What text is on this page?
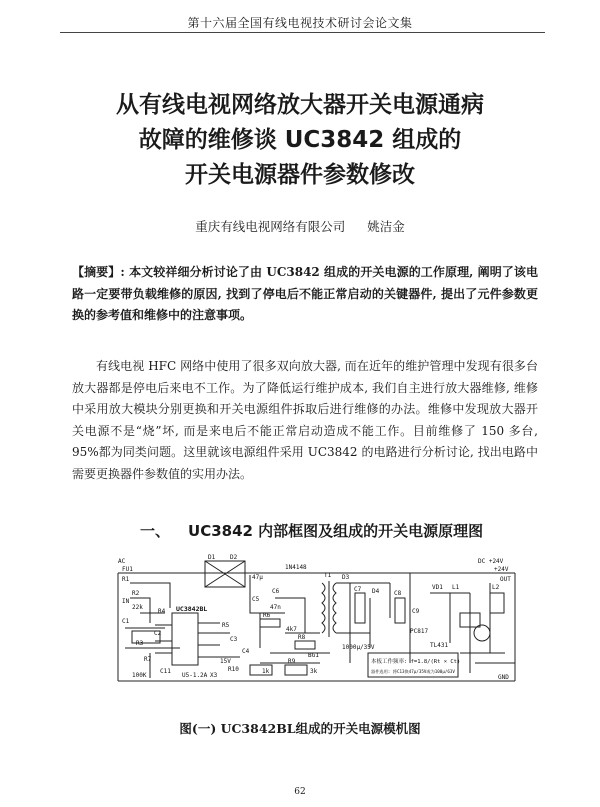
第十六届全国有线电视技术研讨会论文集
从有线电视网络放大器开关电源通病
故障的维修谈 UC3842 组成的
开关电源器件参数修改
重庆有线电视网络有限公司 姚洁金
【摘要】: 本文较祥细分析讨论了由 UC3842 组成的开关电源的工作原理, 阐明了该电路一定要带负载维修的原因, 找到了停电后不能正常启动的关键器件, 提出了元件参数更换的参考值和维修中的注意事项。
有线电视 HFC 网络中使用了很多双向放大器, 而在近年的维护管理中发现有很多台放大器都是停电后来电不工作。为了降低运行维护成本, 我们自主进行放大器维修, 维修中采用放大模块分别更换和开关电源组件拆取后进行维修的办法。维修中发现放大器开关电源不是“烧”坏, 而是来电后不能正常启动造成不能工作。目前维修了 150 多台, 95%都为同类问题。这里就该电源组件采用 UC3842 的电路进行分析讨论, 找出电路中需要更换器件参数值的实用办法。
一、 UC3842 内部框图及组成的开关电源原理图
UC3842BL
R1
R2
R3
R4
R5
R6
R7
R8
R9
C1
C2
C3
C4
C5
C6	C7
C8
C9
C11
D1 D2
D3
D4
VD1
BG1
T1
L1	L2
FU1
GND
47μ
47n
4k7
1k	3k
22k
100K
15V
+24V
OUT
IN
DC +24V
U5-1.2A
R10
X3
AC
1000μ/35V	TL431
PC817
1N4148
本板工作频率: f=1.8/(Rt × Ct)
器件选用: 将C13换47μ/35V或为100μ/63V
图(一) UC3842BL组成的开关电源模机图
62
